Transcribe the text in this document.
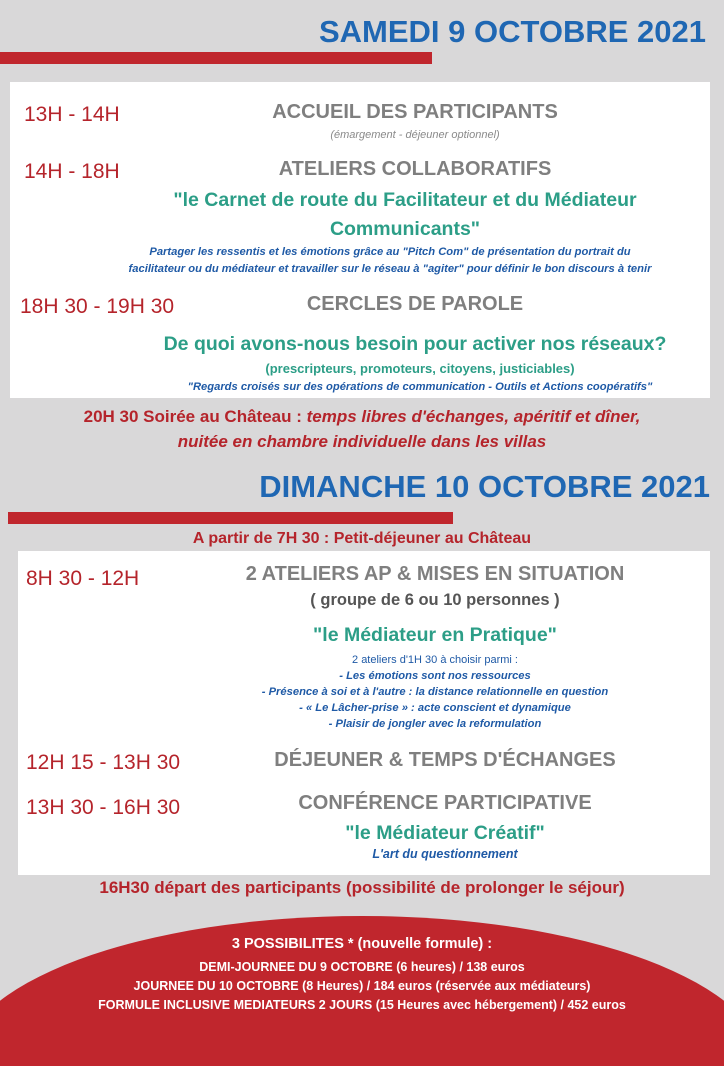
SAMEDI 9 OCTOBRE 2021
13H - 14H	ACCUEIL DES PARTICIPANTS
(émargement - déjeuner optionnel)
14H - 18H	ATELIERS COLLABORATIFS
"le Carnet de route du Facilitateur et du Médiateur
Communicants"
Partager les ressentis et les émotions grâce au "Pitch Com" de présentation du portrait du
facilitateur ou du médiateur et travailler sur le réseau à "agiter" pour définir le bon discours à tenir
18H 30 - 19H 30	CERCLES DE PAROLE
De quoi avons-nous besoin pour activer nos réseaux?
(prescripteurs, promoteurs, citoyens, justiciables)
"Regards croisés sur des opérations de communication - Outils et Actions coopératifs"
20H 30 Soirée au Château : temps libres d'échanges, apéritif et dîner,
nuitée en chambre individuelle dans les villas
DIMANCHE 10 OCTOBRE 2021
A partir de 7H 30 : Petit-déjeuner au Château
8H 30 - 12H	2 ATELIERS AP & MISES EN SITUATION
( groupe de 6 ou 10 personnes )
"le Médiateur en Pratique"
2 ateliers d'1H 30 à choisir parmi :
- Les émotions sont nos ressources
- Présence à soi et à l'autre : la distance relationnelle en question
- « Le Lâcher-prise » : acte conscient et dynamique
- Plaisir de jongler avec la reformulation
12H 15 - 13H 30	DÉJEUNER & TEMPS D'ÉCHANGES
13H 30 - 16H 30	CONFÉRENCE PARTICIPATIVE
"le Médiateur Créatif"
L'art du questionnement
16H30 départ des participants (possibilité de prolonger le séjour)
3 POSSIBILITES * (nouvelle formule) :
DEMI-JOURNEE DU 9 OCTOBRE (6 heures) / 138 euros
JOURNEE DU 10 OCTOBRE (8 Heures) / 184 euros (réservée aux médiateurs)
FORMULE INCLUSIVE MEDIATEURS 2 JOURS (15 Heures avec hébergement) / 452 euros
